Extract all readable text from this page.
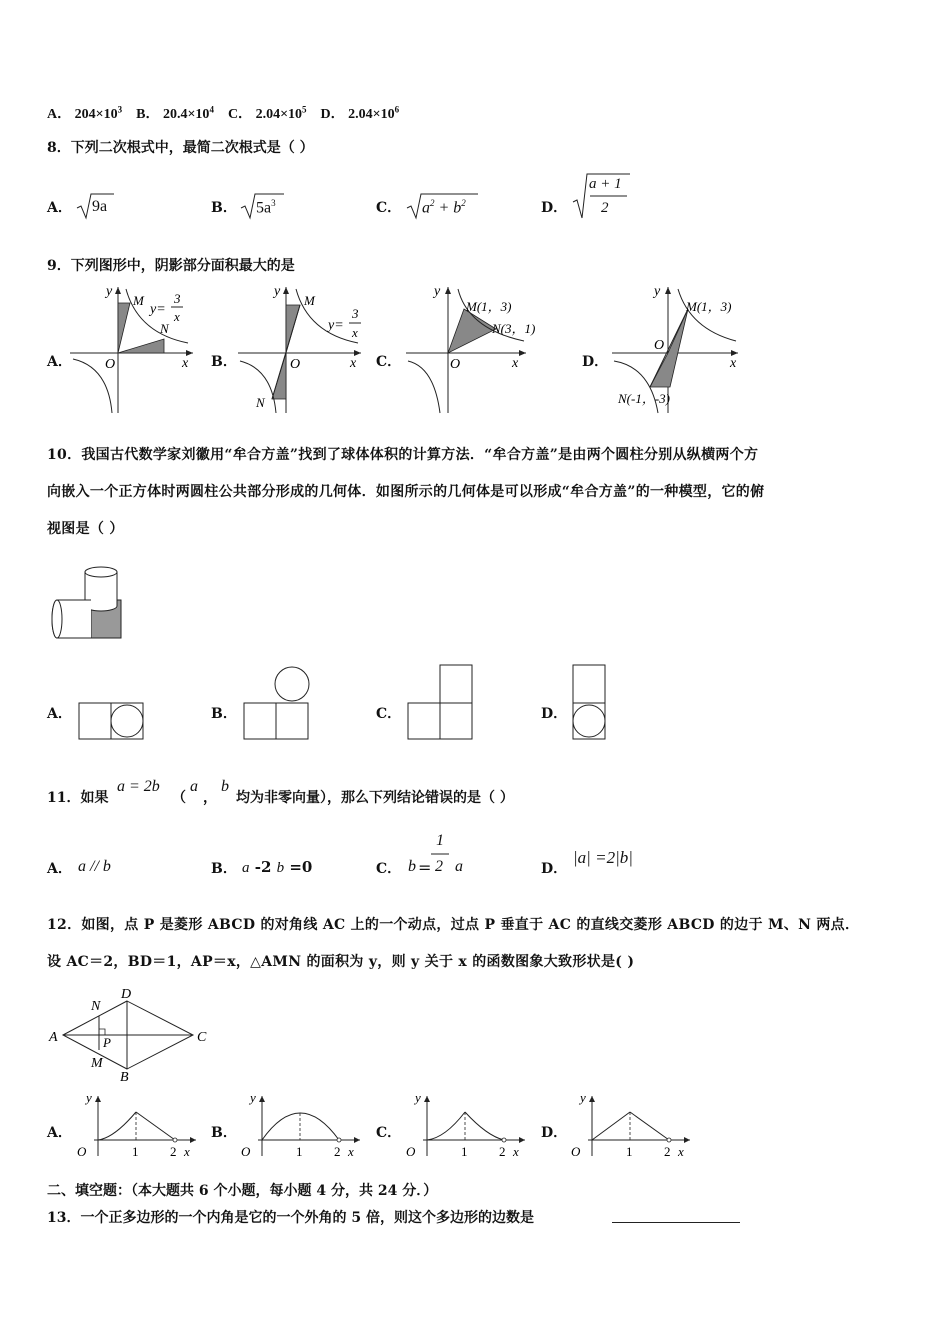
A． $204\times 10^3$ B． $20.4\times 10^4$ C． $2.04\times 10^5$ D． $2.04\times 10^6$
8．下列二次根式中，最简二次根式是（ ）
A． 9a	B． $5a^3$	C． $a^2 + b^2$	D．
a + 1
2
9．下列图形中，阴影部分面积最大的是
A．	B．	C．	D．
y
x
O
M
N
y=
3
x
y
x
O
M
N
y=
3
x
y
x
O
M(1，3)
N(3，1)
y
x
O
M(1，3)
N(-1，-3)
10．我国古代数学家刘徽用“牟合方盖”找到了球体体积的计算方法．“牟合方盖”是由两个圆柱分别从纵横两个方
向嵌入一个正方体时两圆柱公共部分形成的几何体．如图所示的几何体是可以形成“牟合方盖”的一种模型，它的俯
视图是（ ）
A．	B．	C．	D．
11．如果
a = 2b
（
a
，
b
均为非零向量），那么下列结论错误的是（ ）
A． a // b	B． a -2 b =0	C． b =
1
2 a	D．
|a| =2|b|
12．如图，点 P 是菱形 ABCD 的对角线 AC 上的一个动点，过点 P 垂直于 AC 的直线交菱形 ABCD 的边于 M、N 两点．
设 AC＝2，BD＝1，AP＝x，△AMN 的面积为 y，则 y 关于 x 的函数图象大致形状是( )
A
D
C
B
N
M
P
A．	B．	C．	D．
y
O	1 2 x
y
O	1 2 x
y
O	1 2 x
y
O	1 2 x
二、填空题：（本大题共 6 个小题，每小题 4 分，共 24 分．）
13．一个正多边形的一个内角是它的一个外角的 5 倍，则这个多边形的边数是
